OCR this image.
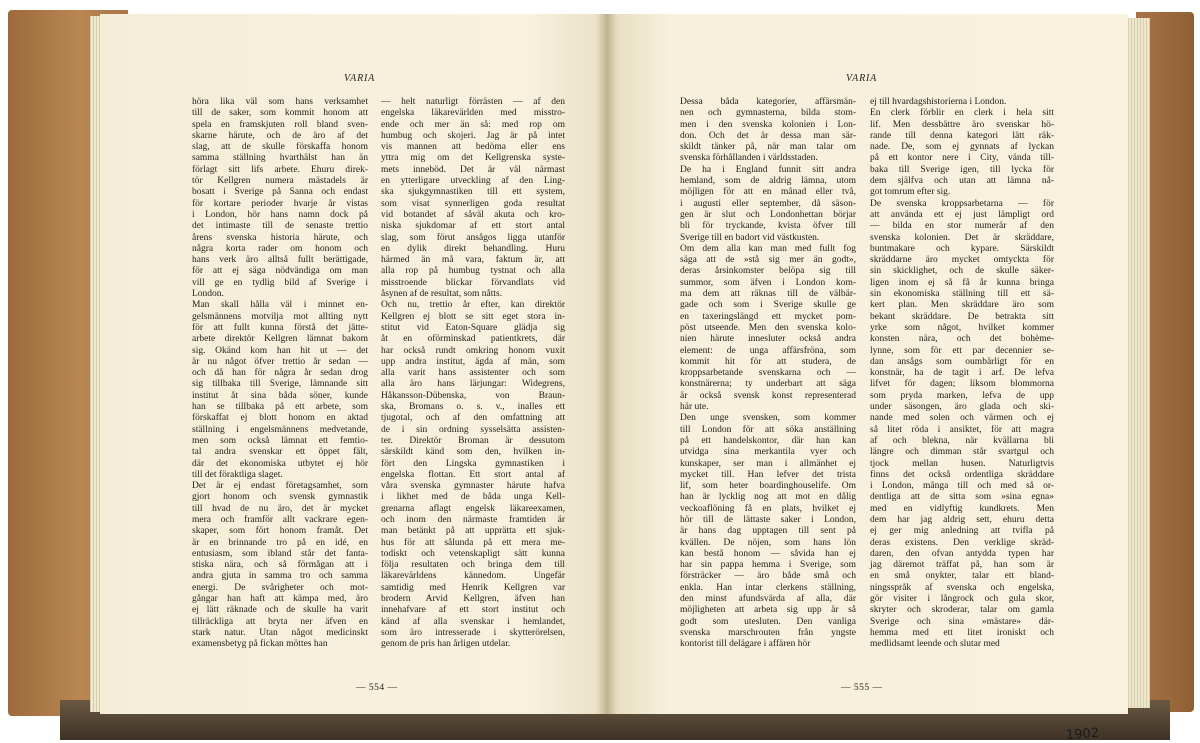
VARIA
höra lika väl som hans verksamhet
till de saker, som kommit honom att
spela en framskjuten roll bland sven-
skarne härute, och de äro af det
slag, att de skulle förskaffa honom
samma ställning hvarthälst han än
förlagt sitt lifs arbete. Ehuru direk-
tör Kellgren numera mästadels är
bosatt i Sverige på Sanna och endast
för kortare perioder hvarje år vistas
i London, hör hans namn dock på
det intimaste till de senaste trettio
årens svenska historia härute, och
några korta rader om honom och
hans verk äro alltså fullt berättigade,
för att ej säga nödvändiga om man
vill ge en tydlig bild af Sverige i
London.
Man skall hålla väl i minnet en-
gelsmännens motvilja mot allting nytt
för att fullt kunna förstå det jätte-
arbete direktör Kellgren lämnat bakom
sig. Okänd kom han hit ut — det
är nu något öfver trettio år sedan —
och då han för några år sedan drog
sig tillbaka till Sverige, lämnande sitt
institut åt sina båda söner, kunde
han se tillbaka på ett arbete, som
förskaffat ej blott honom en aktad
ställning i engelsmännens medvetande,
men som också lämnat ett femtio-
tal andra svenskar ett öppet fält,
där det ekonomiska utbytet ej hör
till det föraktliga slaget.
Det är ej endast företagsamhet, som
gjort honom och svensk gymnastik
till hvad de nu äro, det är mycket
mera och framför allt vackrare egen-
skaper, som fört honom framåt. Det
är en brinnande tro på en idé, en
entusiasm, som ibland står det fanta-
stiska nära, och så förmågan att i
andra gjuta in samma tro och samma
energi. De svårigheter och mot-
gångar han haft att kämpa med, äro
ej lätt räknade och de skulle ha varit
tillräckliga att bryta ner äfven en
stark natur. Utan något medicinskt
examensbetyg på fickan möttes han
— helt naturligt förrästen — af den
engelska läkarevärlden med misstro-
ende och mer än så: med rop om
humbug och skojeri. Jag är på intet
vis mannen att bedöma eller ens
yttra mig om det Kellgrenska syste-
mets inneböd. Det är väl närmast
en ytterligare utveckling af den Ling-
ska sjukgymnastiken till ett system,
som visat synnerligen goda resultat
vid botandet af såväl akuta och kro-
niska sjukdomar af ett stort antal
slag, som förut ansågos ligga utanför
en dylik direkt behandling. Huru
härmed än må vara, faktum är, att
alla rop på humbug tystnat och alla
misstroende blickar förvandlats vid
åsynen af de resultat, som nåtts.
Och nu, trettio år efter, kan direktör
Kellgren ej blott se sitt eget stora in-
stitut vid Eaton-Square glädja sig
åt en oförminskad patientkrets, där
har också rundt omkring honom vuxit
upp andra institut, ägda af män, som
alla varit hans assistenter och som
alla äro hans lärjungar: Widegrens,
Håkansson-Dübenska, von Braun-
ska, Bromans o. s. v., inalles ett
tjugotal, och af den omfattning att
de i sin ordning sysselsätta assisten-
ter. Direktör Broman är dessutom
särskildt känd som den, hvilken in-
fört den Lingska gymnastiken i
engelska flottan. Ett stort antal af
våra svenska gymnaster härute hafva
i likhet med de båda unga Kell-
grenarna aflagt engelsk läkareexamen,
och inom den närmaste framtiden är
man betänkt på att upprätta ett sjuk-
hus för att sålunda på ett mera me-
todiskt och vetenskapligt sätt kunna
följa resultaten och bringa dem till
läkarevärldens kännedom. Ungefär
samtidig med Henrik Kellgren var
brodern Arvid Kellgren, äfven han
innehafvare af ett stort institut och
känd af alla svenskar i hemlandet,
som äro intresserade i skytterörelsen,
genom de pris han årligen utdelar.
— 554 —
VARIA
Dessa båda kategorier, affärsmän-
nen och gymnasterna, bilda stom-
men i den svenska kolonien i Lon-
don. Och det är dessa man sär-
skildt tänker på, när man talar om
svenska förhållanden i världsstaden.
De ha i England funnit sitt andra
hemland, som de aldrig lämna, utom
möjligen för att en månad eller två,
i augusti eller september, då säson-
gen är slut och Londonhettan börjar
bli för tryckande, kvista öfver till
Sverige till en badort vid västkusten.
Om dem alla kan man med fullt fog
säga att de »stå sig mer än godt»,
deras årsinkomster belöpa sig till
summor, som äfven i London kom-
ma dem att räknas till de välbär-
gade och som i Sverige skulle ge
en taxeringslängd ett mycket pom-
pöst utseende. Men den svenska kolo-
nien härute innesluter också andra
element: de unga affärsfröna, som
kommit hit för att studera, de
kroppsarbetande svenskarna och —
konstnärerna; ty underbart att säga
är också svensk konst representerad
här ute.
Den unge svensken, som kommer
till London för att söka anställning
på ett handelskontor, där han kan
utvidga sina merkantila vyer och
kunskaper, ser man i allmänhet ej
mycket till. Han lefver det trista
lif, som heter boardinghouselife. Om
han är lycklig nog att mot en dålig
veckoaflöning få en plats, hvilket ej
hör till de lättaste saker i London,
är hans dag upptagen till sent på
kvällen. De nöjen, som hans lön
kan bestå honom — såvida han ej
har sin pappa hemma i Sverige, som
försträcker — äro både små och
enkla. Han intar clerkens ställning,
den minst afundsvärda af alla, där
möjligheten att arbeta sig upp är så
godt som utesluten. Den vanliga
svenska marschrouten från yngste
kontorist till delägare i affären hör
ej till hvardagshistorierna i London.
En clerk förblir en clerk i hela sitt
lif. Men dessbättre äro svenskar hö-
rande till denna kategori lätt räk-
nade. De, som ej gynnats af lyckan
på ett kontor nere i City, vända till-
baka till Sverige igen, till lycka för
dem själfva och utan att lämna nå-
got tomrum efter sig.
De svenska kroppsarbetarna — för
att använda ett ej just lämpligt ord
— bilda en stor numerär af den
svenska kolonien. Det är skräddare,
buntmakare och kypare. Särskildt
skräddarne äro mycket omtyckta för
sin skicklighet, och de skulle säker-
ligen inom ej så få år kunna bringa
sin ekonomiska ställning till ett sä-
kert plan. Men skräddare äro som
bekant skräddare. De betrakta sitt
yrke som något, hvilket kommer
konsten nära, och det bohème-
lynne, som för ett par decennier se-
dan ansågs som oumbärligt för en
konstnär, ha de tagit i arf. De lefva
lifvet för dagen; liksom blommorna
som pryda marken, lefva de upp
under säsongen, äro glada och ski-
nande med solen och värmen och ej
så litet röda i ansiktet, för att magra
af och blekna, när kvällarna bli
längre och dimman står svartgul och
tjock mellan husen. Naturligtvis
finns det också ordentliga skräddare
i London, många till och med så or-
dentliga att de sitta som »sina egna»
med en vidlyftig kundkrets. Men
dem har jag aldrig sett, ehuru detta
ej ger mig anledning att tvifla på
deras existens. Den verklige skräd-
daren, den ofvan antydda typen har
jag däremot träffat på, han som är
en små onykter, talar ett bland-
ningsspråk af svenska och engelska,
gör visiter i långrock och gula skor,
skryter och skroderar, talar om gamla
Sverige och sina »mästare» där-
hemma med ett litet ironiskt och
medlidsamt leende och slutar med
— 555 —
1902
